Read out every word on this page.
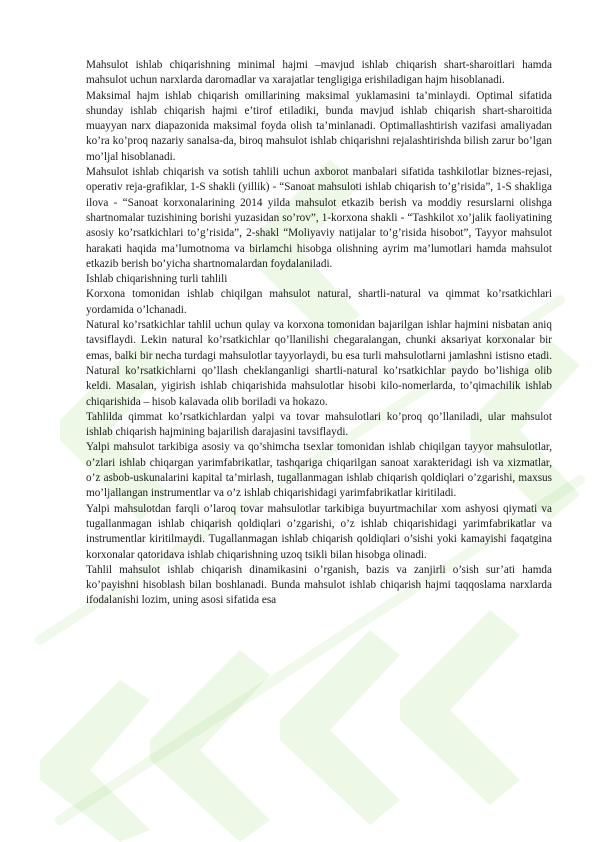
Mahsulot ishlab chiqarishning minimal hajmi –mavjud ishlab chiqarish shart-sharoitlari hamda mahsulot uchun narxlarda daromadlar va xarajatlar tengligiga erishiladigan hajm hisoblanadi.

Maksimal hajm ishlab chiqarish omillarining maksimal yuklamasini ta’minlaydi. Optimal sifatida shunday ishlab chiqarish hajmi e’tirof etiladiki, bunda mavjud ishlab chiqarish shart-sharoitida muayyan narx diapazonida maksimal foyda olish ta’minlanadi. Optimallashtirish vazifasi amaliyadan ko’ra ko’proq nazariy sanalsa-da, biroq mahsulot ishlab chiqarishni rejalashtirishda bilish zarur bo’lgan mo’ljal hisoblanadi.

Mahsulot ishlab chiqarish va sotish tahlili uchun axborot manbalari sifatida tashkilotlar biznes-rejasi, operativ reja-grafiklar, 1-S shakli (yillik) - “Sanoat mahsuloti ishlab chiqarish to’g’risida”, 1-S shakliga ilova - “Sanoat korxonalarining 2014 yilda mahsulot etkazib berish va moddiy resurslarni olishga shartnomalar tuzishining borishi yuzasidan so’rov”, 1-korxona shakli - “Tashkilot xo’jalik faoliyatining asosiy ko’rsatkichlari to’g’risida”, 2-shakl “Moliyaviy natijalar to’g’risida hisobot”, Tayyor mahsulot harakati haqida ma’lumotnoma va birlamchi hisobga olishning ayrim ma’lumotlari hamda mahsulot etkazib berish bo’yicha shartnomalardan foydalaniladi.

Ishlab chiqarishning turli tahlili

Korxona tomonidan ishlab chiqilgan mahsulot natural, shartli-natural va qimmat ko’rsatkichlari yordamida o’lchanadi.

Natural ko’rsatkichlar tahlil uchun qulay va korxona tomonidan bajarilgan ishlar hajmini nisbatan aniq tavsiflaydi. Lekin natural ko’rsatkichlar qo’llanilishi chegaralangan, chunki aksariyat korxonalar bir emas, balki bir necha turdagi mahsulotlar tayyorlaydi, bu esa turli mahsulotlarni jamlashni istisno etadi. Natural ko’rsatkichlarni qo’llash cheklanganligi shartli-natural ko’rsatkichlar paydo bo’lishiga olib keldi. Masalan, yigirish ishlab chiqarishida mahsulotlar hisobi kilo-nomerlarda, to’qimachilik ishlab chiqarishida – hisob kalavada olib boriladi va hokazo.

Tahlilda qimmat ko’rsatkichlardan yalpi va tovar mahsulotlari ko’proq qo’llaniladi, ular mahsulot ishlab chiqarish hajmining bajarilish darajasini tavsiflaydi.

Yalpi mahsulot tarkibiga asosiy va qo’shimcha tsexlar tomonidan ishlab chiqilgan tayyor mahsulotlar, o’zlari ishlab chiqargan yarimfabrikatlar, tashqariga chiqarilgan sanoat xarakteridagi ish va xizmatlar, o’z asbob-uskunalarini kapital ta’mirlash, tugallanmagan ishlab chiqarish qoldiqlari o’zgarishi, maxsus mo’ljallangan instrumentlar va o’z ishlab chiqarishidagi yarimfabrikatlar kiritiladi.

Yalpi mahsulotdan farqli o’laroq tovar mahsulotlar tarkibiga buyurtmachilar xom ashyosi qiymati va tugallanmagan ishlab chiqarish qoldiqlari o’zgarishi, o’z ishlab chiqarishidagi yarimfabrikatlar va instrumentlar kiritilmaydi. Tugallanmagan ishlab chiqarish qoldiqlari o’sishi yoki kamayishi faqatgina korxonalar qatoridava ishlab chiqarishning uzoq tsikli bilan hisobga olinadi.

Tahlil mahsulot ishlab chiqarish dinamikasini o’rganish, bazis va zanjirli o’sish sur’ati hamda ko’payishni hisoblash bilan boshlanadi. Bunda mahsulot ishlab chiqarish hajmi taqqoslama narxlarda ifodalanishi lozim, uning asosi sifatida esa
